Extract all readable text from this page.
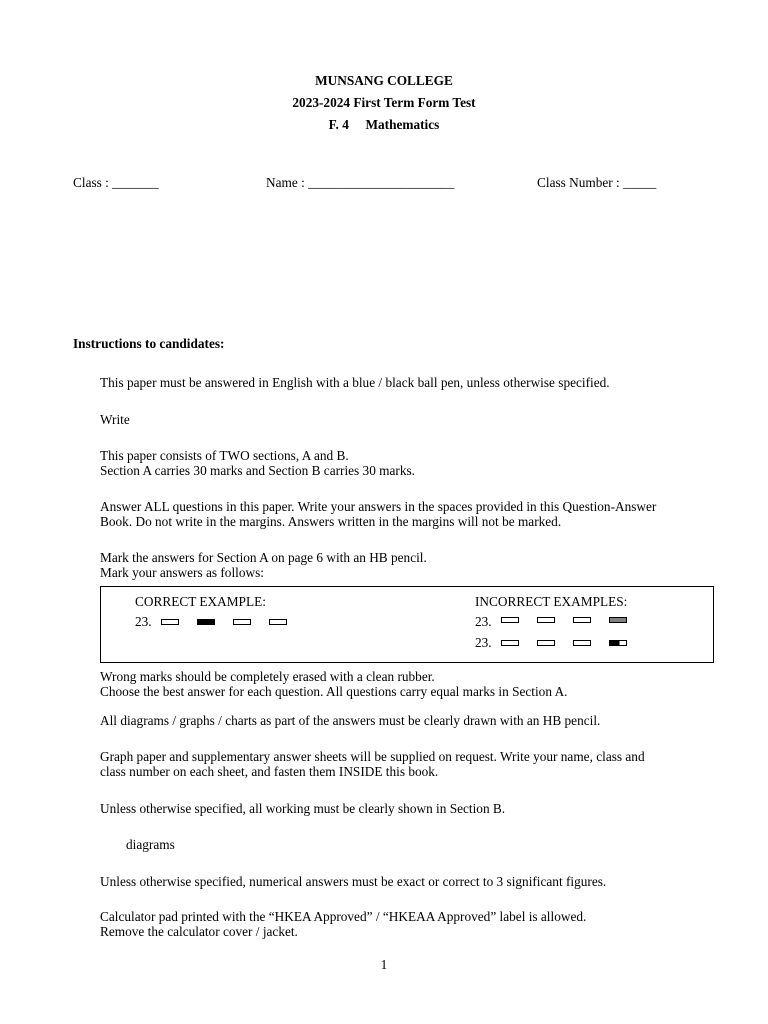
MUNSANG COLLEGE
2023-2024 First Term Form Test
F. 4     Mathematics
Class : _______	Name : ______________________	Class Number : _____
Instructions to candidates:
This paper must be answered in English with a blue / black ball pen, unless otherwise specified.
Write
This paper consists of TWO sections, A and B.
Section A carries 30 marks and Section B carries 30 marks.
Answer ALL questions in this paper. Write your answers in the spaces provided in this Question-Answer
Book. Do not write in the margins. Answers written in the margins will not be marked.
Mark the answers for Section A on page 6 with an HB pencil.
Mark your answers as follows:
CORRECT EXAMPLE:	INCORRECT EXAMPLES:
23.	23.
23.
Wrong marks should be completely erased with a clean rubber.
Choose the best answer for each question. All questions carry equal marks in Section A.
All diagrams / graphs / charts as part of the answers must be clearly drawn with an HB pencil.
Graph paper and supplementary answer sheets will be supplied on request. Write your name, class and
class number on each sheet, and fasten them INSIDE this book.
Unless otherwise specified, all working must be clearly shown in Section B.
diagrams
Unless otherwise specified, numerical answers must be exact or correct to 3 significant figures.
Calculator pad printed with the “HKEA Approved” / “HKEAA Approved” label is allowed.
Remove the calculator cover / jacket.
1
